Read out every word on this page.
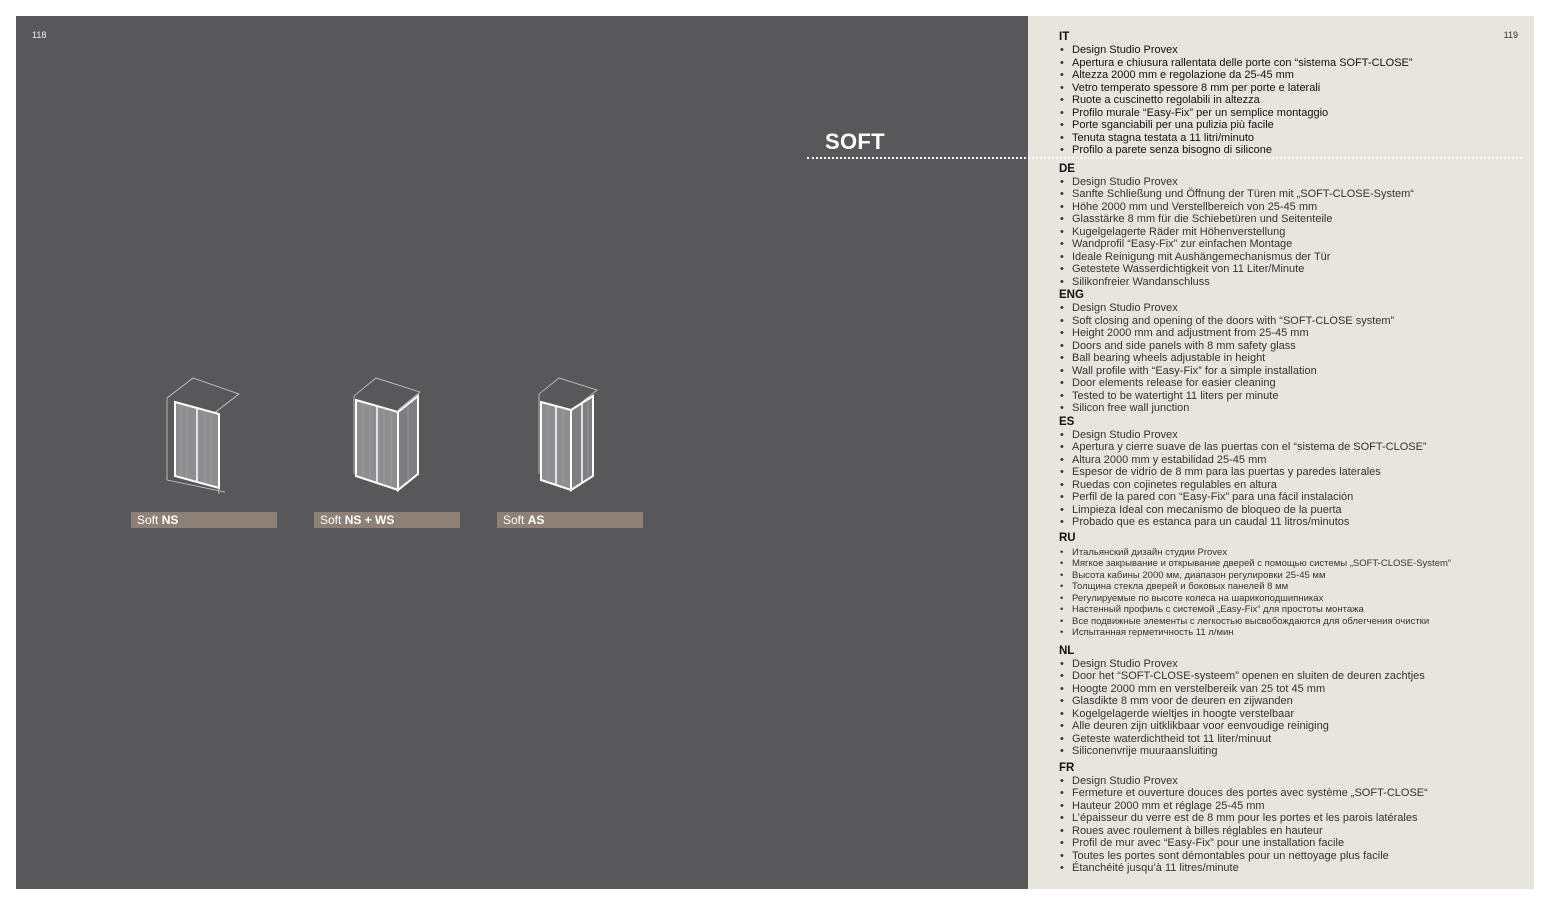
118	119
SOFT
Soft NS	Soft NS + WS	Soft AS
IT
• Design Studio Provex
• Apertura e chiusura rallentata delle porte con “sistema SOFT-CLOSE”
• Altezza 2000 mm e regolazione da 25-45 mm
• Vetro temperato spessore 8 mm per porte e laterali
• Ruote a cuscinetto regolabili in altezza
• Profilo murale “Easy-Fix” per un semplice montaggio
• Porte sganciabili per una pulizia più facile
• Tenuta stagna testata a 11 litri/minuto
• Profilo a parete senza bisogno di silicone
DE
• Design Studio Provex
• Sanfte Schließung und Öffnung der Türen mit „SOFT-CLOSE-System“
• Höhe 2000 mm und Verstellbereich von 25-45 mm
• Glasstärke 8 mm für die Schiebetüren und Seitenteile
• Kugelgelagerte Räder mit Höhenverstellung
• Wandprofil “Easy-Fix” zur einfachen Montage
• Ideale Reinigung mit Aushängemechanismus der Tür
• Getestete Wasserdichtigkeit von 11 Liter/Minute
• Silikonfreier Wandanschluss
ENG
• Design Studio Provex
• Soft closing and opening of the doors with “SOFT-CLOSE system”
• Height 2000 mm and adjustment from 25-45 mm
• Doors and side panels with 8 mm safety glass
• Ball bearing wheels adjustable in height
• Wall profile with “Easy-Fix” for a simple installation
• Door elements release for easier cleaning
• Tested to be watertight 11 liters per minute
• Silicon free wall junction
ES
• Design Studio Provex
• Apertura y cierre suave de las puertas con el “sistema de SOFT-CLOSE”
• Altura 2000 mm y estabilidad 25-45 mm
• Espesor de vidrio de 8 mm para las puertas y paredes laterales
• Ruedas con cojinetes regulables en altura
• Perfil de la pared con “Easy-Fix” para una fácil instalación
• Limpieza Ideal con mecanismo de bloqueo de la puerta
• Probado que es estanca para un caudal 11 litros/minutos
RU
• Итальянский дизайн студии Provex
• Мягкое закрывание и открывание дверей с помощью системы „SOFT-CLOSE-System“
• Высота кабины 2000 мм, диапазон регулировки 25-45 мм
• Толщина стекла дверей и боковых панелей 8 мм
• Регулируемые по высоте колеса на шарикоподшипниках
• Настенный профиль с системой „Easy-Fix“ для простоты монтажа
• Все подвижные элементы с легкостью высвобождаются для облегчения очистки
• Испытанная герметичность 11 л/мин
NL
• Design Studio Provex
• Door het “SOFT-CLOSE-systeem” openen en sluiten de deuren zachtjes
• Hoogte 2000 mm en verstelbereik van 25 tot 45 mm
• Glasdikte 8 mm voor de deuren en zijwanden
• Kogelgelagerde wieltjes in hoogte verstelbaar
• Alle deuren zijn uitklikbaar voor eenvoudige reiniging
• Geteste waterdichtheid tot 11 liter/minuut
• Siliconenvrije muuraansluiting
FR
• Design Studio Provex
• Fermeture et ouverture douces des portes avec système „SOFT-CLOSE“
• Hauteur 2000 mm et réglage 25-45 mm
• L’épaisseur du verre est de 8 mm pour les portes et les parois latérales
• Roues avec roulement à billes réglables en hauteur
• Profil de mur avec “Easy-Fix” pour une installation facile
• Toutes les portes sont démontables pour un nettoyage plus facile
• Étanchéité jusqu’à 11 litres/minute
